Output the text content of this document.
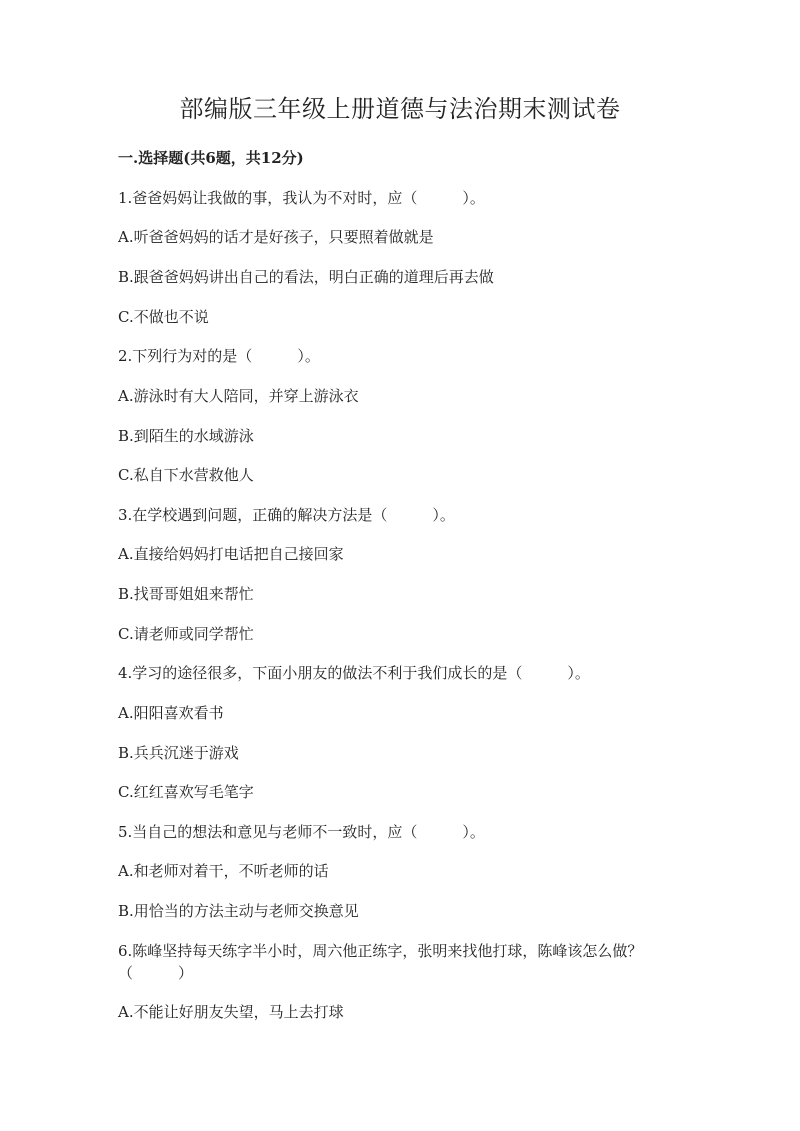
部编版三年级上册道德与法治期末测试卷

一.选择题(共6题，共12分)

1.爸爸妈妈让我做的事，我认为不对时，应（　　　）。

A.听爸爸妈妈的话才是好孩子，只要照着做就是

B.跟爸爸妈妈讲出自己的看法，明白正确的道理后再去做

C.不做也不说

2.下列行为对的是（　　　）。

A.游泳时有大人陪同，并穿上游泳衣

B.到陌生的水域游泳

C.私自下水营救他人

3.在学校遇到问题，正确的解决方法是（　　　）。

A.直接给妈妈打电话把自己接回家

B.找哥哥姐姐来帮忙

C.请老师或同学帮忙

4.学习的途径很多，下面小朋友的做法不利于我们成长的是（　　　）。

A.阳阳喜欢看书

B.兵兵沉迷于游戏

C.红红喜欢写毛笔字

5.当自己的想法和意见与老师不一致时，应（　　　）。

A.和老师对着干，不听老师的话

B.用恰当的方法主动与老师交换意见

6.陈峰坚持每天练字半小时，周六他正练字，张明来找他打球，陈峰该怎么做？（　　　）

A.不能让好朋友失望，马上去打球
